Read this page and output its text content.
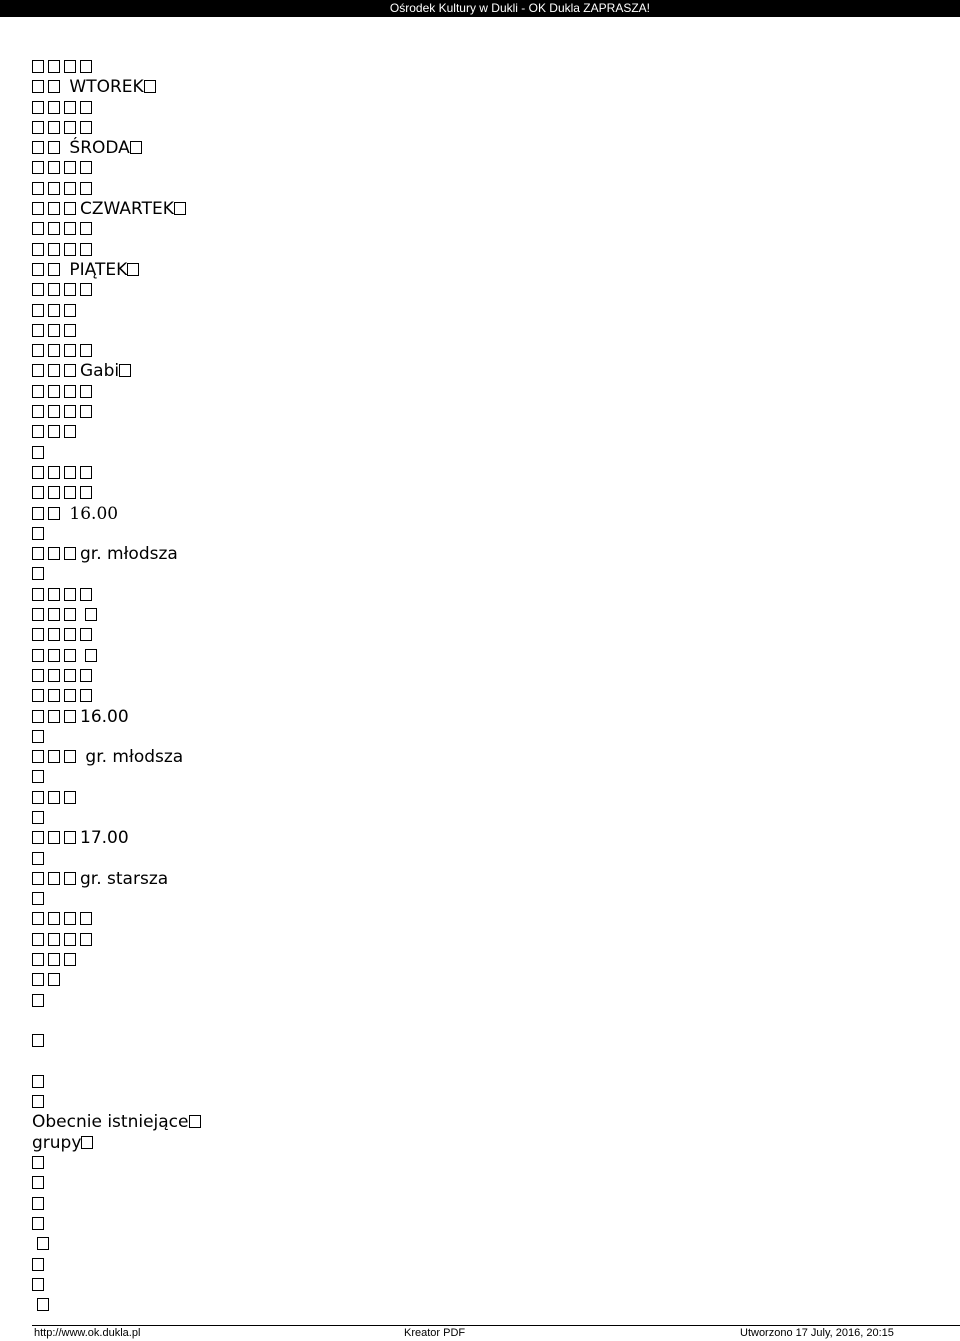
Ośrodek Kultury w Dukli - OK Dukla ZAPRASZA!
WTOREK
ŚRODA
CZWARTEK
PIĄTEK
Gabi
16.00
gr. młodsza

16.00
gr. młodsza
17.00
gr. starsza
Obecnie istniejące
grupy

http://www.ok.dukla.pl	Kreator PDF	Utworzono 17 July, 2016, 20:15
